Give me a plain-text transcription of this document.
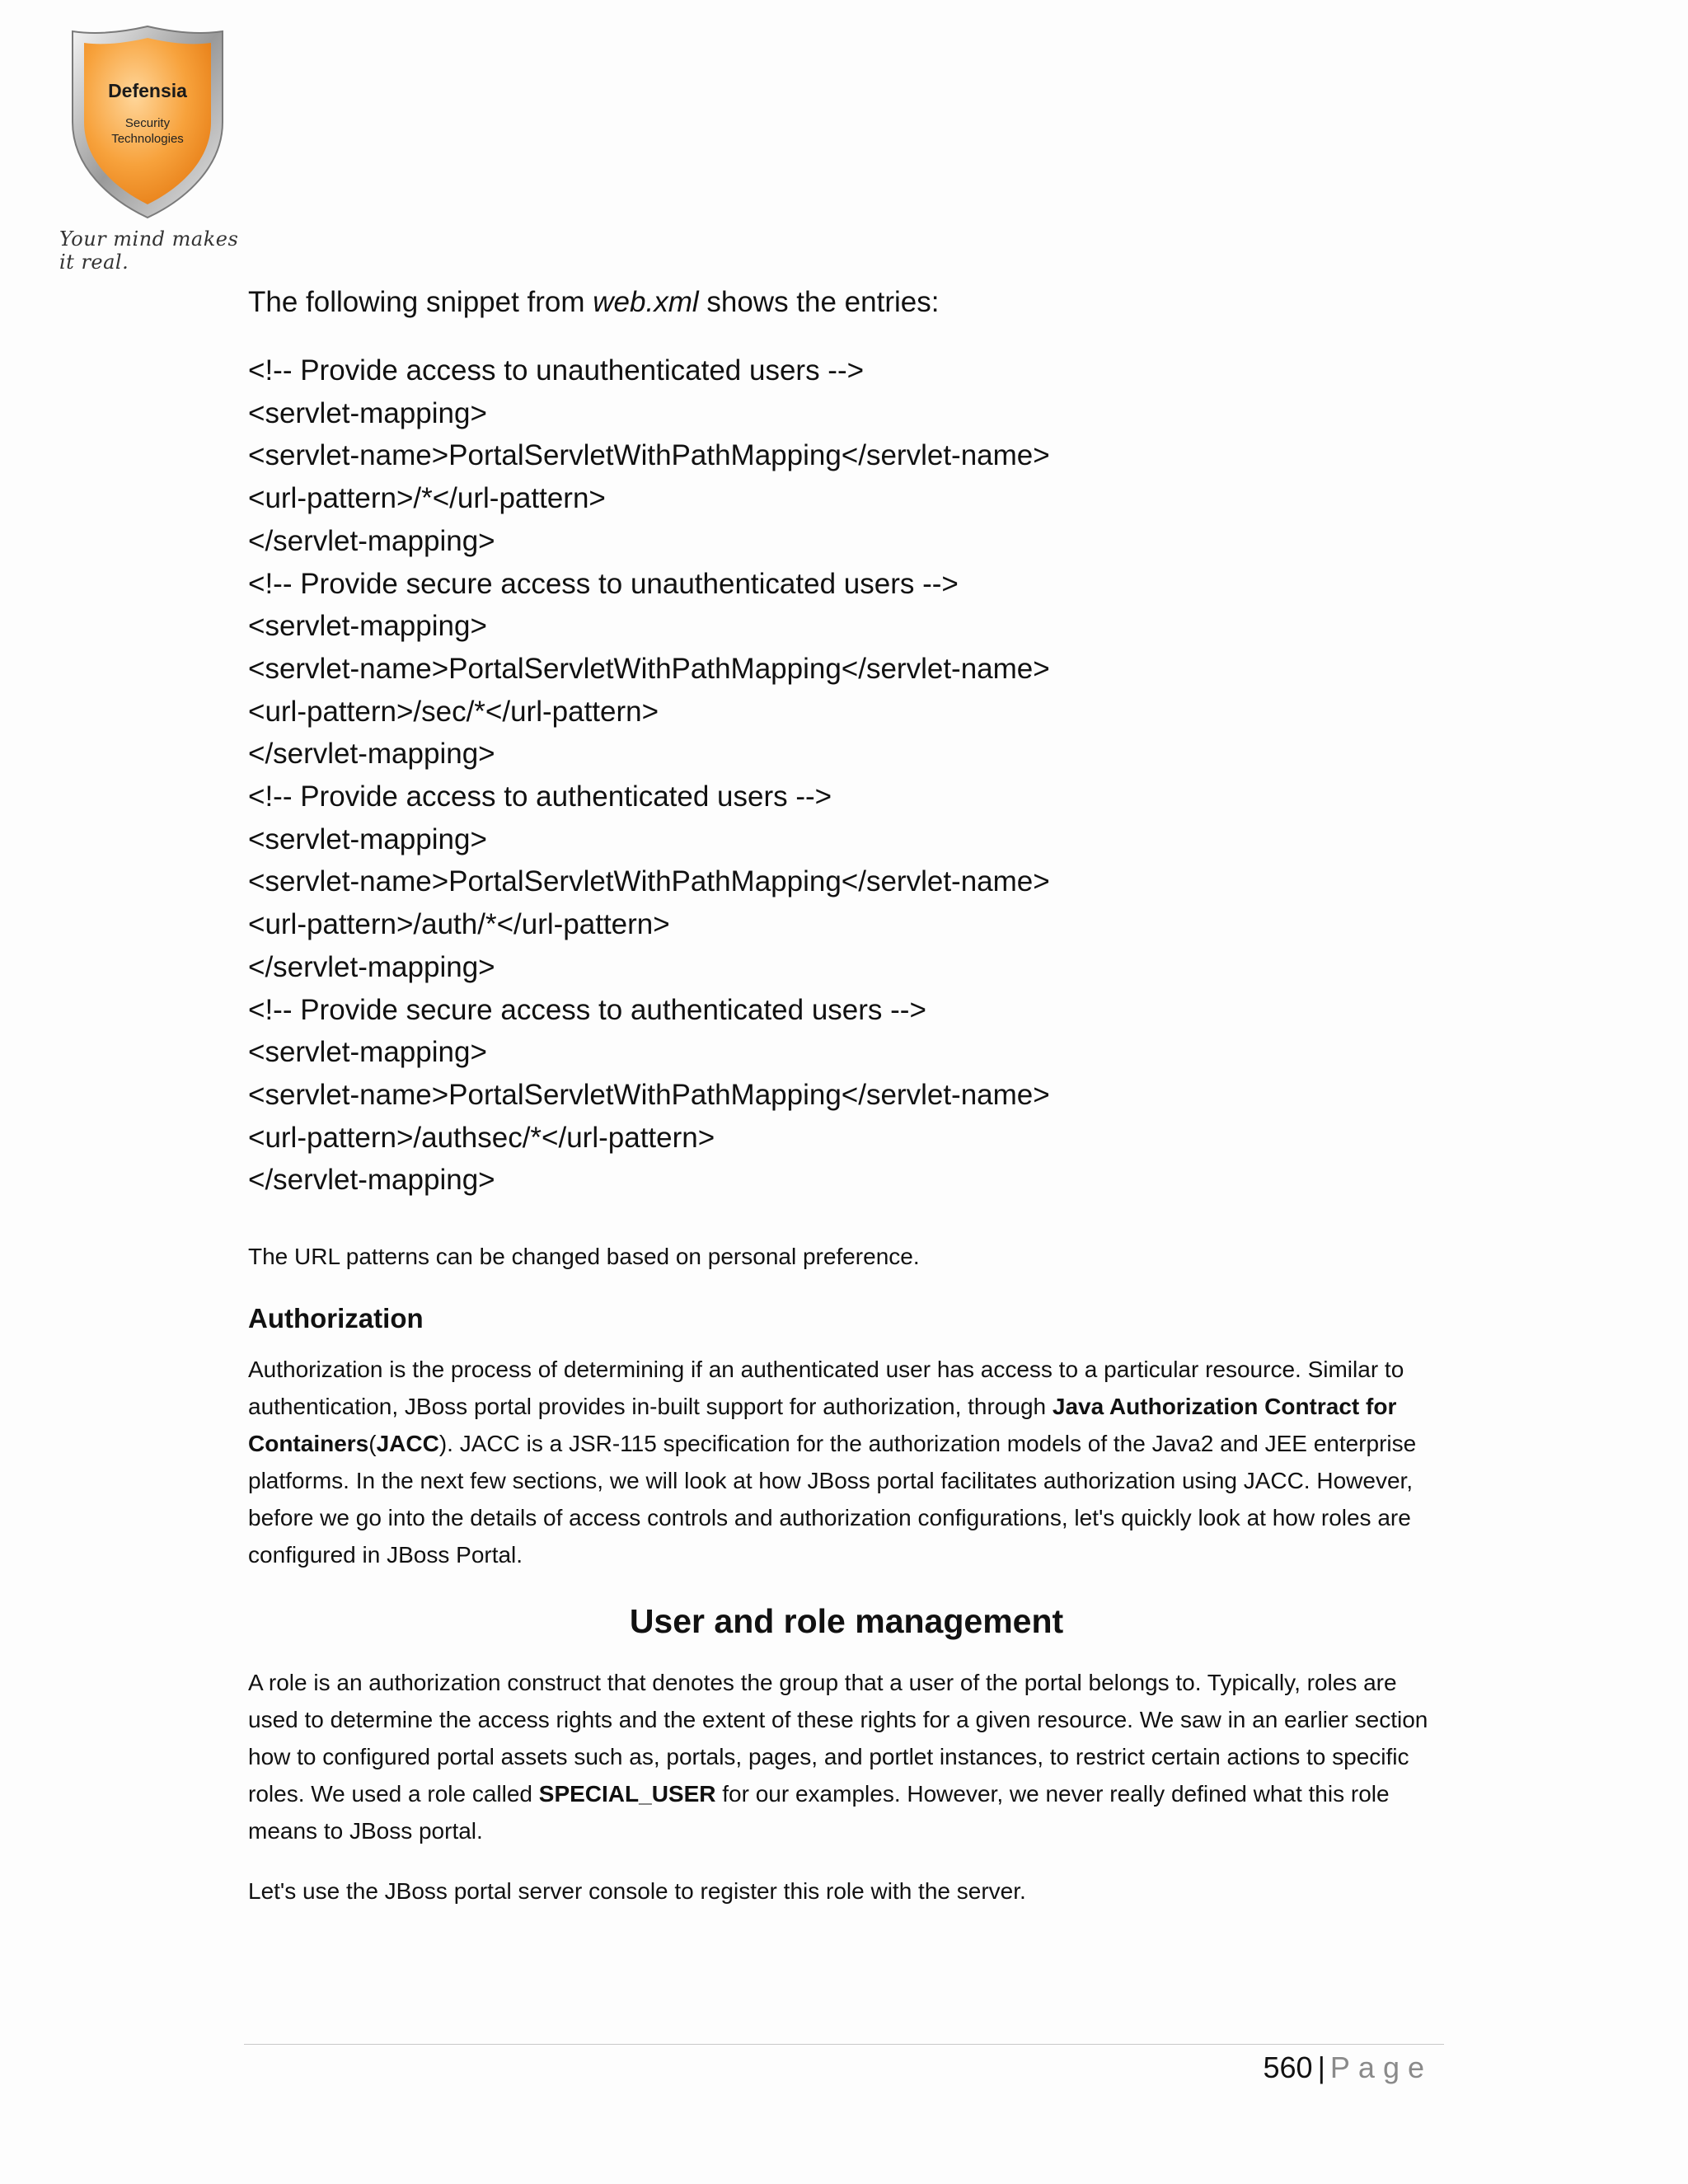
Defensia
Security
Technologies
Your mind makes it real.

The following snippet from web.xml shows the entries:

<!-- Provide access to unauthenticated users -->

<servlet-mapping>

<servlet-name>PortalServletWithPathMapping</servlet-name>

<url-pattern>/*</url-pattern>

</servlet-mapping>

<!-- Provide secure access to unauthenticated users -->

<servlet-mapping>

<servlet-name>PortalServletWithPathMapping</servlet-name>

<url-pattern>/sec/*</url-pattern>

</servlet-mapping>

<!-- Provide access to authenticated users -->

<servlet-mapping>

<servlet-name>PortalServletWithPathMapping</servlet-name>

<url-pattern>/auth/*</url-pattern>

</servlet-mapping>

<!-- Provide secure access to authenticated users -->

<servlet-mapping>

<servlet-name>PortalServletWithPathMapping</servlet-name>

<url-pattern>/authsec/*</url-pattern>

</servlet-mapping>

The URL patterns can be changed based on personal preference.

Authorization

Authorization is the process of determining if an authenticated user has access to a particular resource. Similar to authentication, JBoss portal provides in-built support for authorization, through Java Authorization Contract for Containers(JACC). JACC is a JSR-115 specification for the authorization models of the Java2 and JEE enterprise platforms. In the next few sections, we will look at how JBoss portal facilitates authorization using JACC. However, before we go into the details of access controls and authorization configurations, let's quickly look at how roles are configured in JBoss Portal.

User and role management

A role is an authorization construct that denotes the group that a user of the portal belongs to. Typically, roles are used to determine the access rights and the extent of these rights for a given resource. We saw in an earlier section how to configured portal assets such as, portals, pages, and portlet instances, to restrict certain actions to specific roles. We used a role called SPECIAL_USER for our examples. However, we never really defined what this role means to JBoss portal.

Let's use the JBoss portal server console to register this role with the server.

560 | Page
